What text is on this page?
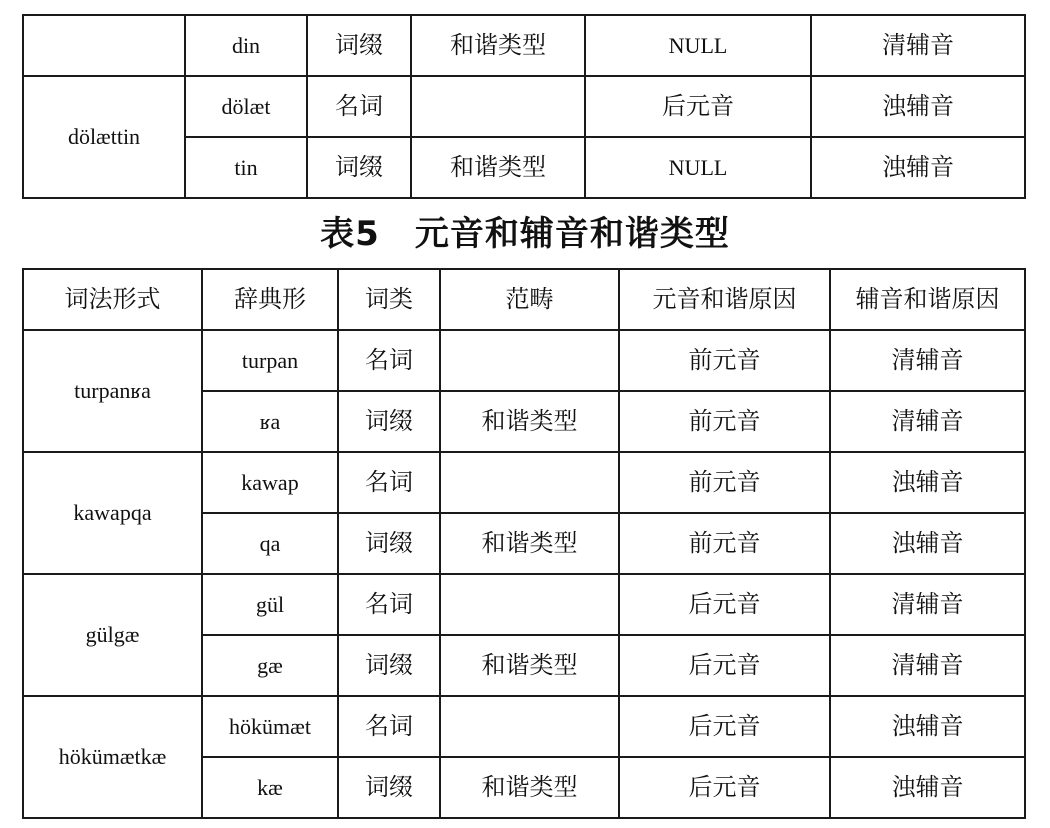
	din	词缀	和谐类型	NULL	清辅音
dölættin	dölæt	名词		后元音	浊辅音
	tin	词缀	和谐类型	NULL	浊辅音
表5　元音和辅音和谐类型
词法形式	辞典形	词类	范畴	元音和谐原因	辅音和谐原因
turpanʁa	turpan	名词		前元音	清辅音
	ʁa	词缀	和谐类型	前元音	清辅音
kawapqa	kawap	名词		前元音	浊辅音
	qa	词缀	和谐类型	前元音	浊辅音
gülgæ	gül	名词		后元音	清辅音
	gæ	词缀	和谐类型	后元音	清辅音
hökümætkæ	hökümæt	名词		后元音	浊辅音
	kæ	词缀	和谐类型	后元音	浊辅音
